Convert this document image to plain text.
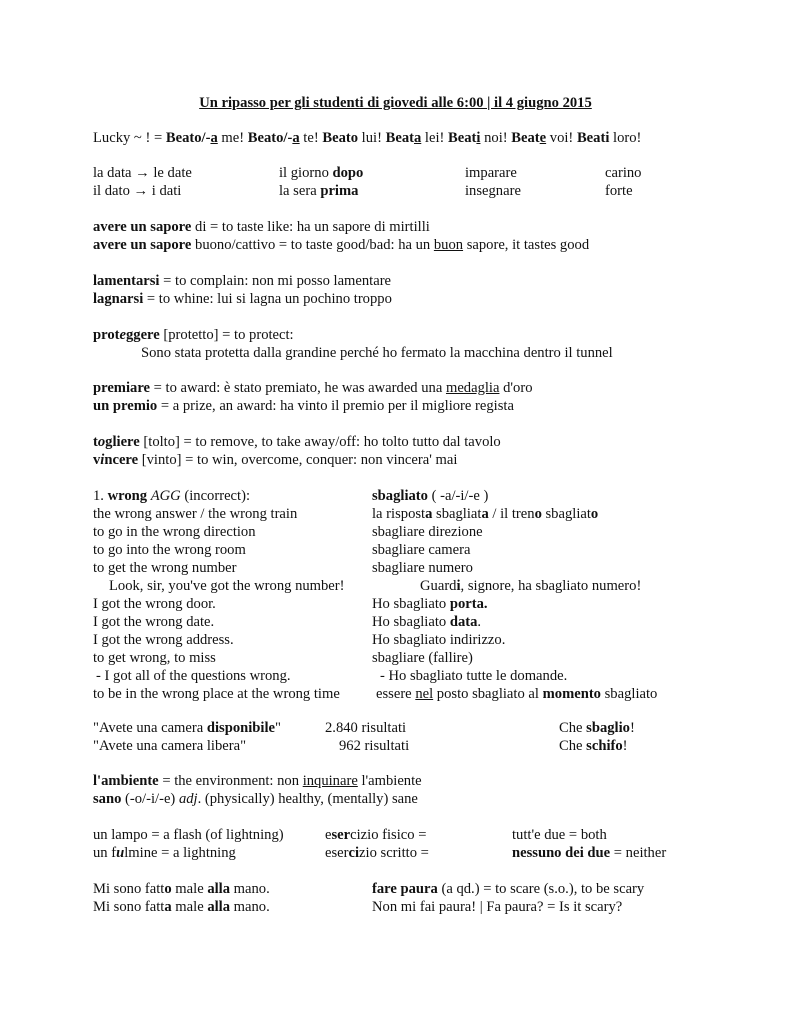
Un ripasso per gli studenti di giovedi alle 6:00 | il 4 giugno 2015
Lucky ~ ! = Beato/-a me! Beato/-a te! Beato lui! Beata lei! Beati noi! Beate voi! Beati loro!
la data → le date
il dato → i dati
il giorno dopo
la sera prima
imparare
insegnare
carino
forte
avere un sapore di = to taste like: ha un sapore di mirtilli
avere un sapore buono/cattivo = to taste good/bad: ha un buon sapore, it tastes good
lamentarsi = to complain: non mi posso lamentare
lagnarsi = to whine: lui si lagna un pochino troppo
proteggere [protetto] = to protect:
Sono stata protetta dalla grandine perché ho fermato la macchina dentro il tunnel
premiare = to award: è stato premiato, he was awarded una medaglia d'oro
un premio = a prize, an award: ha vinto il premio per il migliore regista
togliere [tolto] = to remove, to take away/off: ho tolto tutto dal tavolo
vincere [vinto] = to win, overcome, conquer: non vincera' mai
1. wrong AGG (incorrect):	sbagliato ( -a/-i/-e )
the wrong answer / the wrong train
to go in the wrong direction
to go into the wrong room
to get the wrong number
Look, sir, you've got the wrong number!
I got the wrong door.
I got the wrong date.
I got the wrong address.
to get wrong, to miss
- I got all of the questions wrong.
to be in the wrong place at the wrong time
la risposta sbagliata / il treno sbagliato
sbagliare direzione
sbagliare camera
sbagliare numero
Guardi, signore, ha sbagliato numero!
Ho sbagliato porta.
Ho sbagliato data.
Ho sbagliato indirizzo.
sbagliare (fallire)
- Ho sbagliato tutte le domande.
essere nel posto sbagliato al momento sbagliato
"Avete una camera disponibile"
"Avete una camera libera"
2.840 risultati
962 risultati
Che sbaglio!
Che schifo!
l'ambiente = the environment: non inquinare l'ambiente
sano (-o/-i/-e) adj. (physically) healthy, (mentally) sane
un lampo = a flash (of lightning)
un fulmine = a lightning
esercizio fisico =
esercizio scritto =
tutt'e due = both
nessuno dei due = neither
Mi sono fatto male alla mano.
Mi sono fatta male alla mano.
fare paura (a qd.) = to scare (s.o.), to be scary
Non mi fai paura! | Fa paura? = Is it scary?
